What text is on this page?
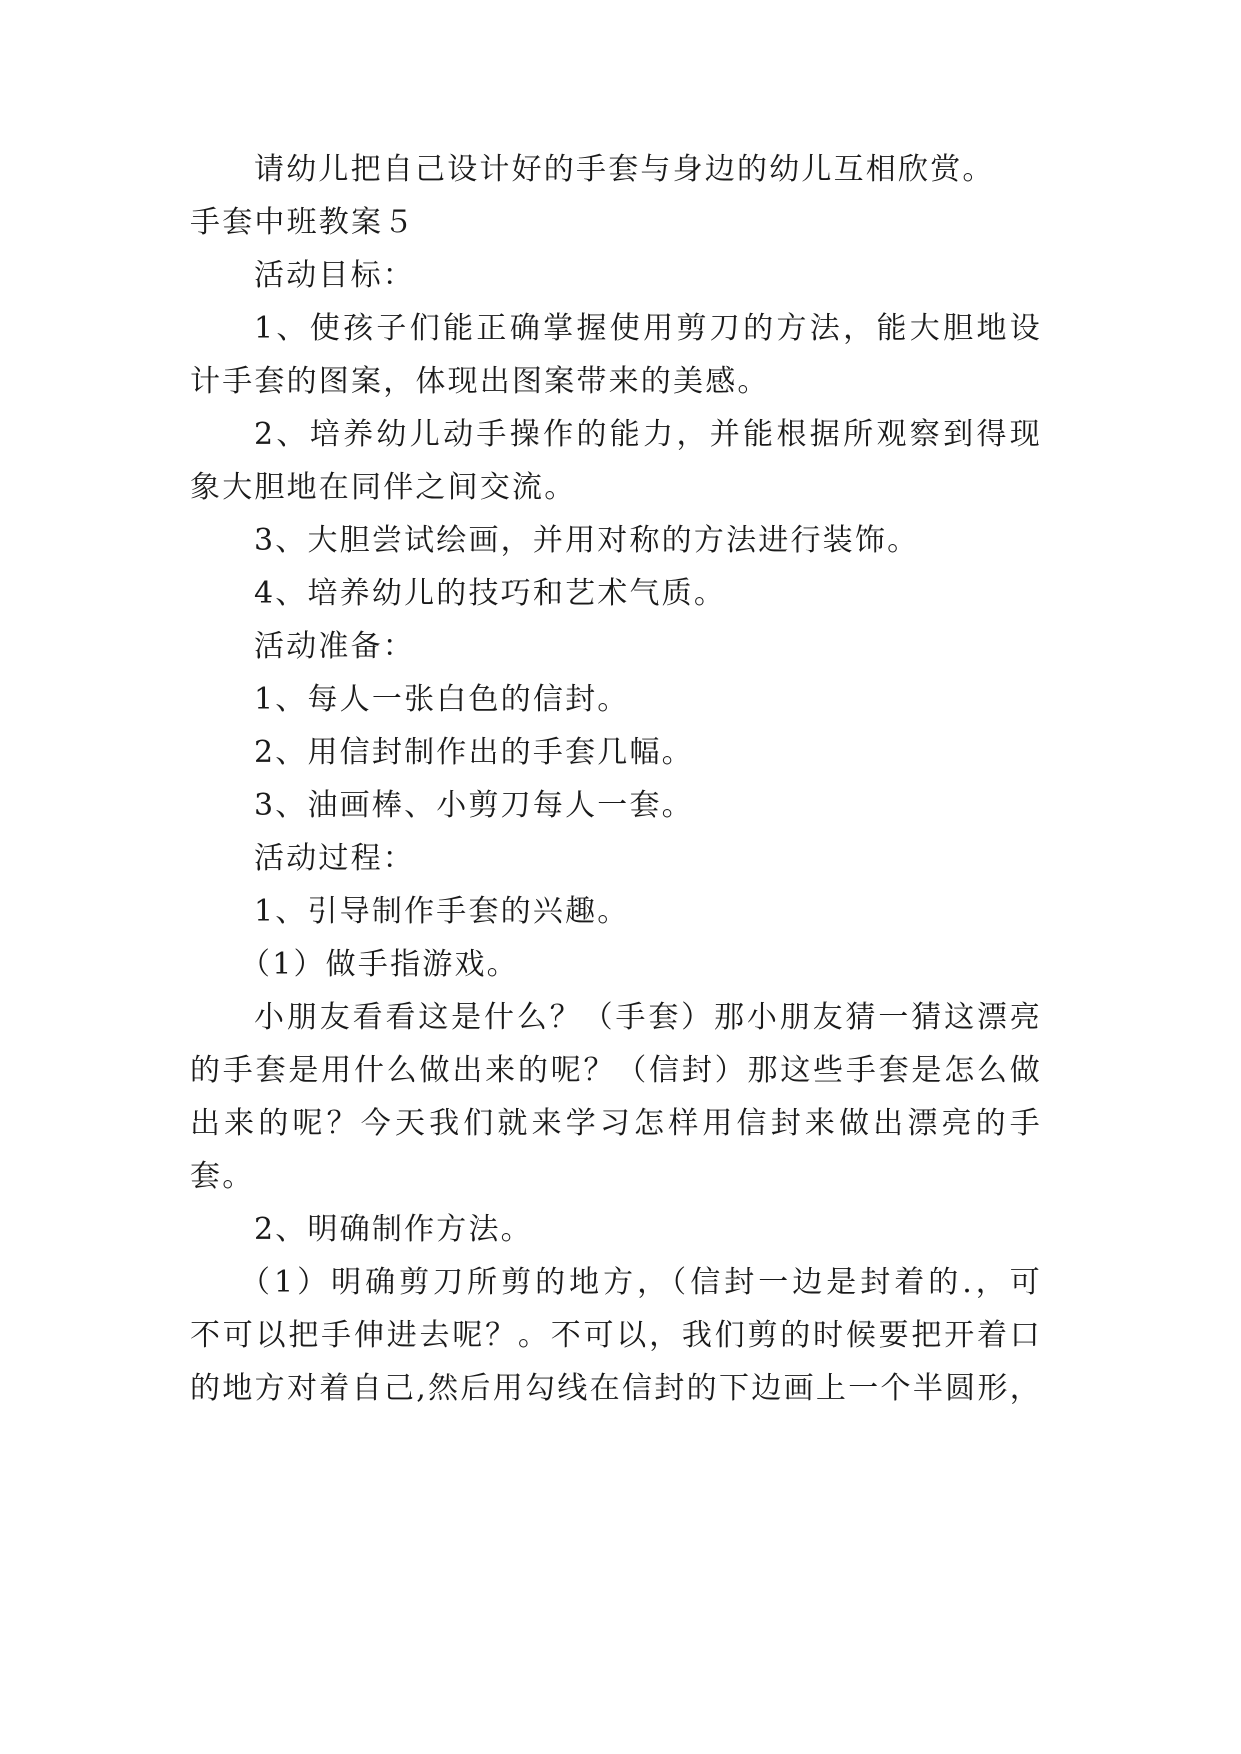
请幼儿把自己设计好的手套与身边的幼儿互相欣赏。
手套中班教案５
活动目标：
1、使孩子们能正确掌握使用剪刀的方法，能大胆地设
计手套的图案，体现出图案带来的美感。
2、培养幼儿动手操作的能力，并能根据所观察到得现
象大胆地在同伴之间交流。
3、大胆尝试绘画，并用对称的方法进行装饰。
4、培养幼儿的技巧和艺术气质。
活动准备：
1、每人一张白色的信封。
2、用信封制作出的手套几幅。
3、油画棒、小剪刀每人一套。
活动过程：
1、引导制作手套的兴趣。
（1）做手指游戏。
小朋友看看这是什么？（手套）那小朋友猜一猜这漂亮
的手套是用什么做出来的呢？（信封）那这些手套是怎么做
出来的呢？今天我们就来学习怎样用信封来做出漂亮的手
套。
2、明确制作方法。
（1）明确剪刀所剪的地方，（信封一边是封着的.，可
不可以把手伸进去呢？。不可以，我们剪的时候要把开着口
的地方对着自己,然后用勾线在信封的下边画上一个半圆形，
